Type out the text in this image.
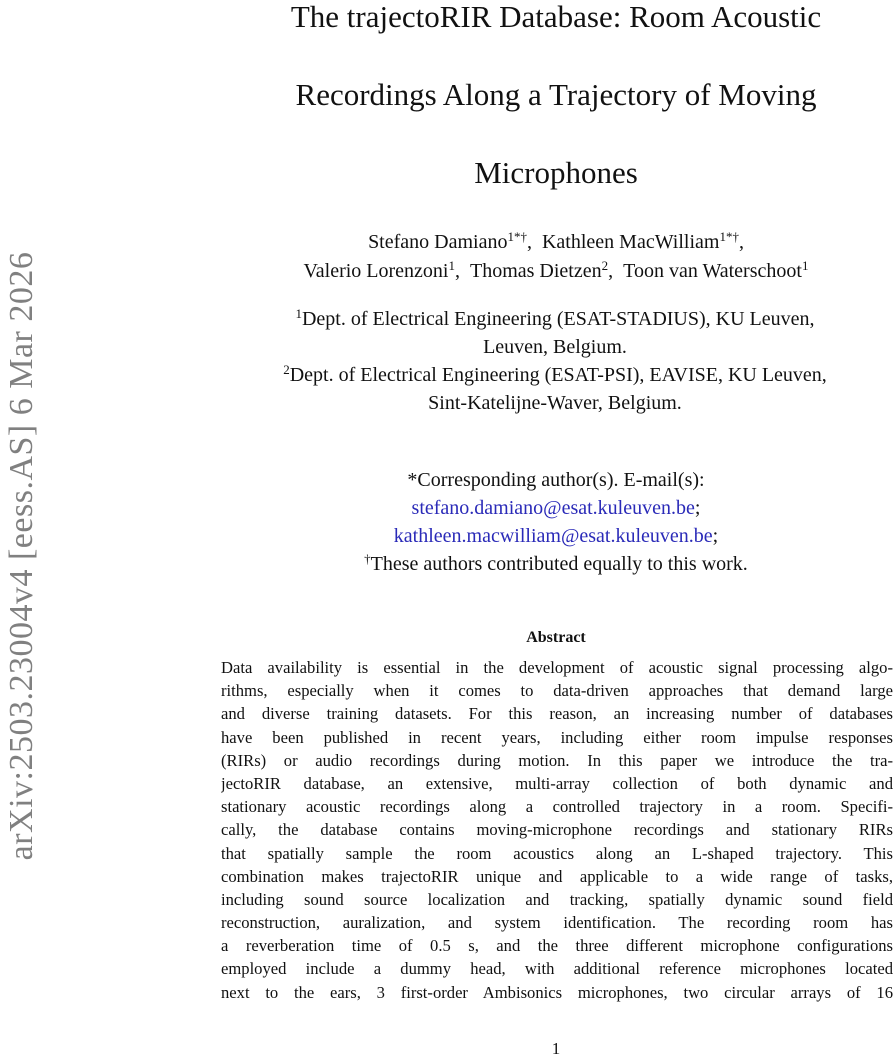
arXiv:2503.23004v4 [eess.AS] 6 Mar 2026
The trajectoRIR Database: Room Acoustic
Recordings Along a Trajectory of Moving
Microphones
Stefano Damiano$^{1*\dagger}$,  Kathleen MacWilliam$^{1*\dagger}$,
Valerio Lorenzoni$^1$,  Thomas Dietzen$^2$,  Toon van Waterschoot$^1$
$^1$Dept. of Electrical Engineering (ESAT-STADIUS), KU Leuven,
Leuven, Belgium.
$^2$Dept. of Electrical Engineering (ESAT-PSI), EAVISE, KU Leuven,
Sint-Katelijne-Waver, Belgium.
*Corresponding author(s). E-mail(s):
stefano.damiano@esat.kuleuven.be;
kathleen.macwilliam@esat.kuleuven.be;
†These authors contributed equally to this work.
Abstract
Data availability is essential in the development of acoustic signal processing algo-
rithms, especially when it comes to data-driven approaches that demand large
and diverse training datasets. For this reason, an increasing number of databases
have been published in recent years, including either room impulse responses
(RIRs) or audio recordings during motion. In this paper we introduce the tra-
jectoRIR database, an extensive, multi-array collection of both dynamic and
stationary acoustic recordings along a controlled trajectory in a room. Specifi-
cally, the database contains moving-microphone recordings and stationary RIRs
that spatially sample the room acoustics along an L-shaped trajectory. This
combination makes trajectoRIR unique and applicable to a wide range of tasks,
including sound source localization and tracking, spatially dynamic sound field
reconstruction, auralization, and system identification. The recording room has
a reverberation time of 0.5 s, and the three different microphone configurations
employed include a dummy head, with additional reference microphones located
next to the ears, 3 first-order Ambisonics microphones, two circular arrays of 16
1
